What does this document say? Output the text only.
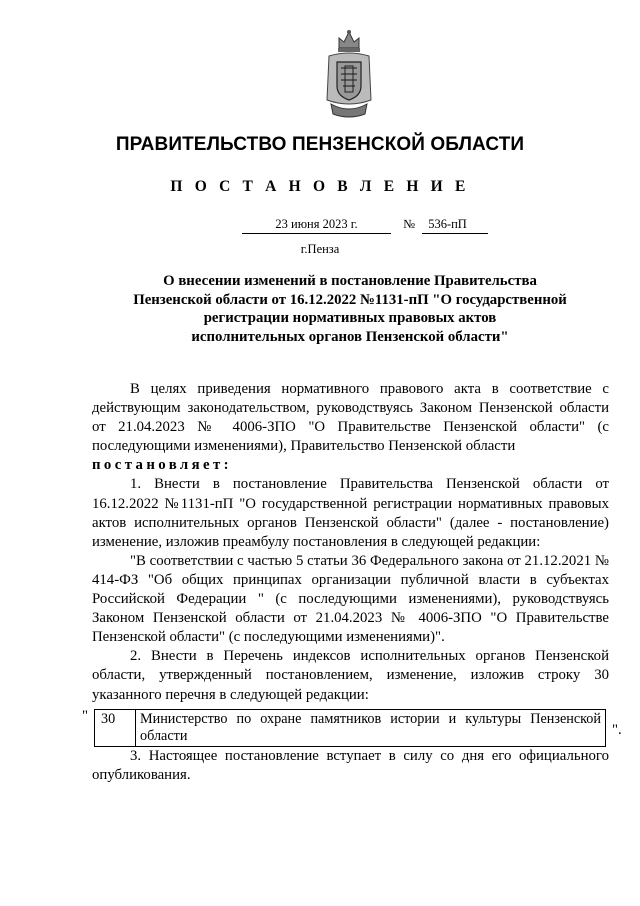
ПРАВИТЕЛЬСТВО ПЕНЗЕНСКОЙ ОБЛАСТИ
П О С Т А Н О В Л Е Н И Е
23 июня 2023 г.	№ 536-пП
г.Пенза
О внесении изменений в постановление Правительства
Пензенской области от 16.12.2022 №1131-пП "О государственной
регистрации нормативных правовых актов
исполнительных органов Пензенской области"

В целях приведения нормативного правового акта в соответствие с действующим законодательством, руководствуясь Законом Пензенской области от 21.04.2023 № 4006-ЗПО "О Правительстве Пензенской области" (с последующими изменениями), Правительство Пензенской области

постановляет:

1. Внести в постановление Правительства Пензенской области от 16.12.2022 №1131-пП "О государственной регистрации нормативных правовых актов исполнительных органов Пензенской области" (далее - постановление) изменение, изложив преамбулу постановления в следующей редакции:

"В соответствии с частью 5 статьи 36 Федерального закона от 21.12.2021 № 414-ФЗ "Об общих принципах организации публичной власти в субъектах Российской Федерации " (с последующими изменениями), руководствуясь Законом Пензенской области от 21.04.2023 № 4006-ЗПО "О Правительстве Пензенской области" (с последующими изменениями)".

2. Внести в Перечень индексов исполнительных органов Пензенской области, утвержденный постановлением, изменение, изложив строку 30 указанного перечня в следующей редакции:

" 30	Министерство по охране памятников истории и культуры Пензенской области	".

3. Настоящее постановление вступает в силу со дня его официального опубликования.
